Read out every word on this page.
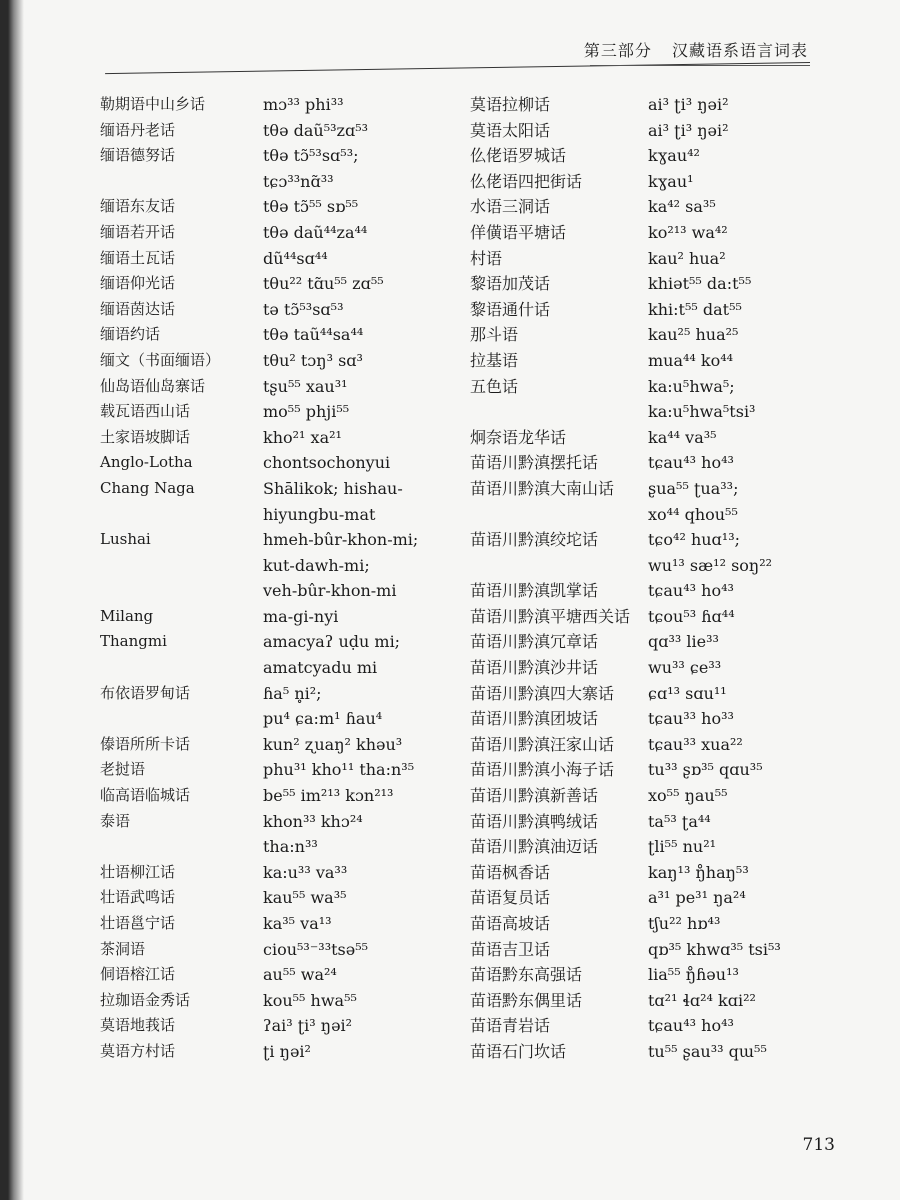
第三部分 汉藏语系语言词表
勒期语中山乡话
缅语丹老话
缅语德努话
缅语东友话
缅语若开话
缅语土瓦话
缅语仰光话
缅语茵达话
缅语约话
缅文（书面缅语）
仙岛语仙岛寨话
载瓦语西山话
土家语坡脚话
Anglo-Lotha
Chang Naga
Lushai
Milang
Thangmi
布依语罗甸话
傣语所所卡话
老挝语
临高语临城话
泰语
壮语柳江话
壮语武鸣话
壮语邕宁话
茶洞语
侗语榕江话
拉珈语金秀话
莫语地莪话
莫语方村话
mɔ³³ phi³³
tθə daũ⁵³zɑ⁵³
tθə tɔ̃⁵³sɑ⁵³;
tɕɔ³³nɑ̃³³
tθə tɔ̃⁵⁵ sɒ⁵⁵
tθə daũ⁴⁴za⁴⁴
dũ⁴⁴sɑ⁴⁴
tθu²² tɑ̃u⁵⁵ zɑ⁵⁵
tə tɔ̃⁵³sɑ⁵³
tθə taũ⁴⁴sa⁴⁴
tθu² tɔŋ³ sɑ³
tʂu⁵⁵ xau³¹
mo⁵⁵ phji⁵⁵
kho²¹ xa²¹
chontsochonyui
Shālikok; hishau-
hiyungbu-mat
hmeh-bûr-khon-mi;
kut-dawh-mi;
veh-bûr-khon-mi
ma-gi-nyi
amacyaʔ uḍu mi;
amatcyadu mi
ɦa⁵ n̥i²;
pu⁴ ɕa:m¹ ɦau⁴
kun² ʐuaŋ² khəu³
phu³¹ kho¹¹ tha:n³⁵
be⁵⁵ im²¹³ kɔn²¹³
khon³³ khɔ²⁴
tha:n³³
ka:u³³ va³³
kau⁵⁵ wa³⁵
ka³⁵ va¹³
ciou⁵³⁻³³tsə⁵⁵
au⁵⁵ wa²⁴
kou⁵⁵ hwa⁵⁵
ʔai³ ʈi³ ŋəi²
ʈi ŋəi²
莫语拉柳话
莫语太阳话
仫佬语罗城话
仫佬语四把街话
水语三洞话
佯僙语平塘话
村语
黎语加茂话
黎语通什话
那斗语
拉基语
五色话
炯奈语龙华话
苗语川黔滇摆托话
苗语川黔滇大南山话
苗语川黔滇绞坨话
苗语川黔滇凯掌话
苗语川黔滇平塘西关话
苗语川黔滇冗章话
苗语川黔滇沙井话
苗语川黔滇四大寨话
苗语川黔滇团坡话
苗语川黔滇汪家山话
苗语川黔滇小海子话
苗语川黔滇新善话
苗语川黔滇鸭绒话
苗语川黔滇油迈话
苗语枫香话
苗语复员话
苗语高坡话
苗语吉卫话
苗语黔东高强话
苗语黔东偶里话
苗语青岩话
苗语石门坎话
ai³ ʈi³ ŋəi²
ai³ ʈi³ ŋəi²
kɣau⁴²
kɣau¹
ka⁴² sa³⁵
ko²¹³ wa⁴²
kau² hua²
khiət⁵⁵ da:t⁵⁵
khi:t⁵⁵ dat⁵⁵
kau²⁵ hua²⁵
mua⁴⁴ ko⁴⁴
ka:u⁵hwa⁵;
ka:u⁵hwa⁵tsi³
ka⁴⁴ va³⁵
tɕau⁴³ ho⁴³
ʂua⁵⁵ ʈua³³;
xo⁴⁴ qhou⁵⁵
tɕo⁴² huɑ¹³;
wu¹³ sæ¹² soŋ²²
tɕau⁴³ ho⁴³
tɕou⁵³ ɦɑ⁴⁴
qɑ³³ lie³³
wu³³ ɕe³³
ɕɑ¹³ sɑu¹¹
tɕau³³ ho³³
tɕau³³ xua²²
tu³³ ʂɒ³⁵ qɑu³⁵
xo⁵⁵ ŋau⁵⁵
ta⁵³ ʈa⁴⁴
ʈli⁵⁵ nu²¹
kaŋ¹³ ŋ̊haŋ⁵³
a³¹ pe³¹ ŋa²⁴
tʃu²² hɒ⁴³
qɒ³⁵ khwɑ³⁵ tsi⁵³
lia⁵⁵ ŋ̊ɦəu¹³
tɑ²¹ ɬɑ²⁴ kɑi²²
tɕau⁴³ ho⁴³
tu⁵⁵ ʂau³³ qɯ⁵⁵
713
